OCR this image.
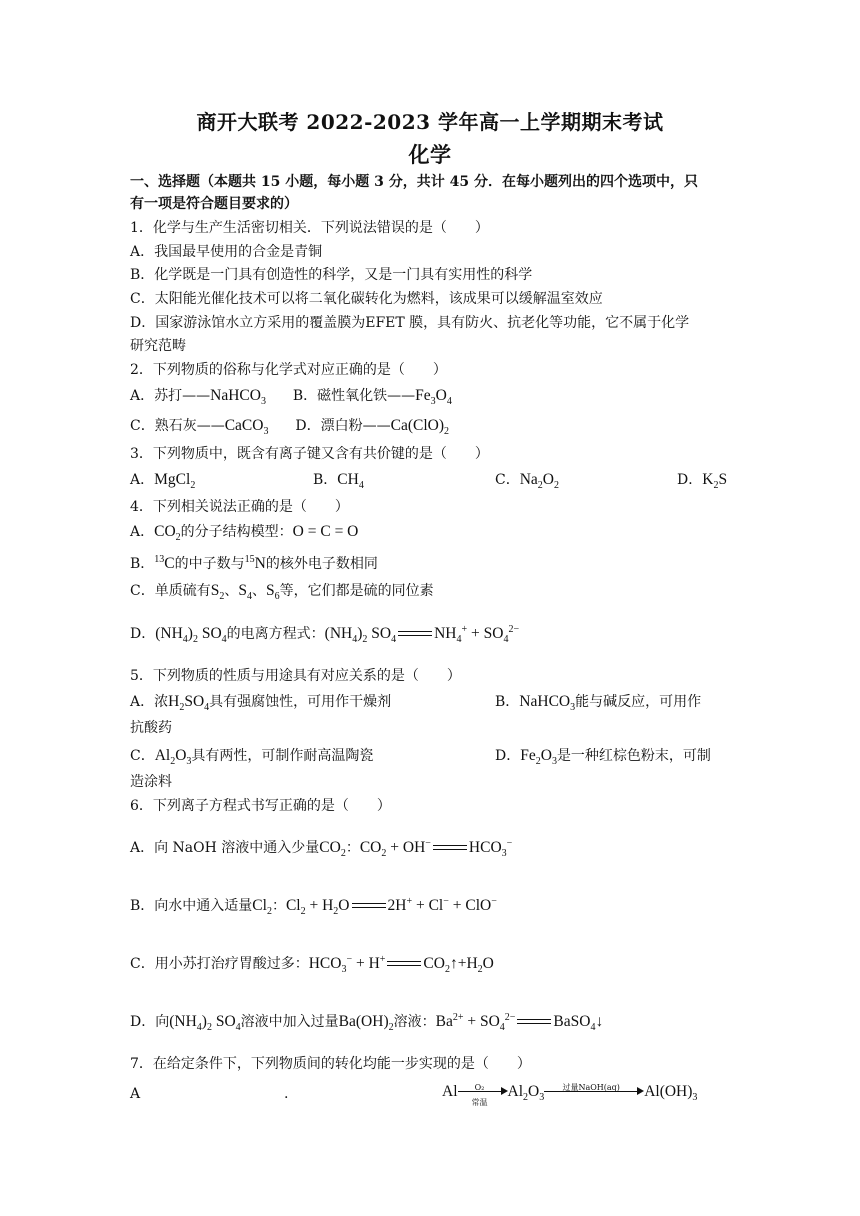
商开大联考 2022-2023 学年高一上学期期末考试
化学
一、选择题（本题共 15 小题，每小题 3 分，共计 45 分．在每小题列出的四个选项中，只
有一项是符合题目要求的）
1．化学与生产生活密切相关．下列说法错误的是（　　）
A．我国最早使用的合金是青铜
B．化学既是一门具有创造性的科学，又是一门具有实用性的科学
C．太阳能光催化技术可以将二氧化碳转化为燃料，该成果可以缓解温室效应
D．国家游泳馆水立方采用的覆盖膜为EFET 膜，具有防火、抗老化等功能，它不属于化学
研究范畴
2．下列物质的俗称与化学式对应正确的是（　　）
A．苏打——NaHCO$_3$ B．磁性氧化铁$——Fe_3O_4$
C．熟石灰——CaCO$_3$ D．漂白粉$——Ca(ClO)_2$
3．下列物质中，既含有离子键又含有共价键的是（　　）
A．MgCl$_2$	B．$CH_4$	C．$Na_2O_2$	D．$K_2S$
4．下列相关说法正确的是（　　）
A．$CO_2$的分子结构模型：O = C = O
B．$^{13}$C的中子数与$^{15}$N的核外电子数相同
C．单质硫有$S_2$、$S_4$、$S_6$等，它们都是硫的同位素
D．$(NH_4)_2$ $SO_4$的电离方程式：$(NH_4)_2$ $SO_4$ $NH_4^+ + SO_4^{2-}$
5．下列物质的性质与用途具有对应关系的是（　　）
A．浓$H_2SO_4$具有强腐蚀性，可用作干燥剂	B．NaHCO$_3$能与碱反应，可用作
抗酸药
C．$Al_2O_3$具有两性，可制作耐高温陶瓷	D．$Fe_2O_3$是一种红棕色粉末，可制
造涂料
6．下列离子方程式书写正确的是（　　）
A．向 NaOH 溶液中通入少量$CO_2$：$CO_2 + OH^-$ $HCO_3^-$
B．向水中通入适量$Cl_2$：$Cl_2 + H_2O$ 2H+ + Cl− + ClO−
C．用小苏打治疗胃酸过多：$HCO_3^- + H^+$ $CO_2↑+H_2O$
D．向$(NH_4)_2$ $SO_4$溶液中加入过量$Ba(OH)_2$溶液：$Ba^{2+} + SO_4^{2-}$ BaSO$_4$↓
7．在给定条件下，下列物质间的转化均能一步实现的是（　　）
A	.	Al	O₂
常温
$Al_2O_3$
过量NaOH(aq)	$Al(OH)_3$
